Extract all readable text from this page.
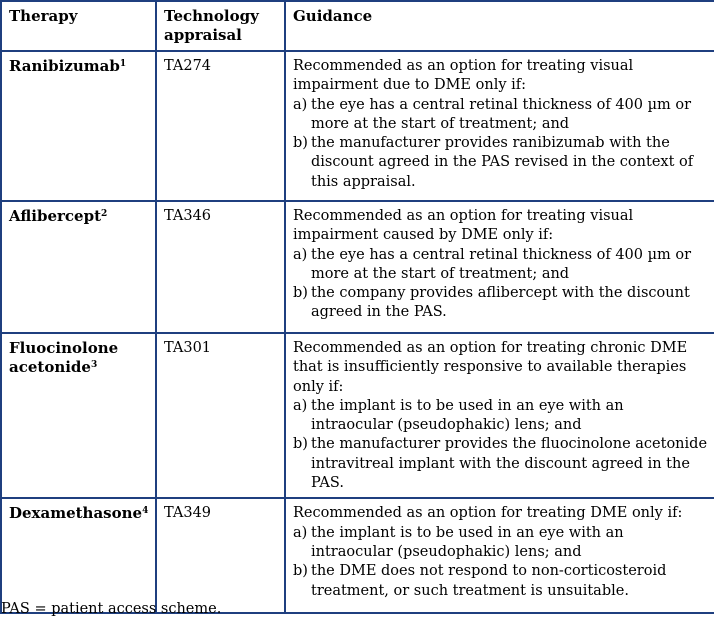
Therapy	Technology appraisal	Guidance
Ranibizumab$^1$	TA274	Recommended as an option for treating visual impairment due to DME only if:
a) the eye has a central retinal thickness of 400 µm or more at the start of treatment; and
b) the manufacturer provides ranibizumab with the discount agreed in the PAS revised in the context of this appraisal.

Aflibercept$^2$	TA346	Recommended as an option for treating visual impairment caused by DME only if:
a) the eye has a central retinal thickness of 400 µm or more at the start of treatment; and
b) the company provides aflibercept with the discount agreed in the PAS.

Fluocinolone acetonide$^3$	TA301	Recommended as an option for treating chronic DME that is insufficiently responsive to available therapies only if:
a) the implant is to be used in an eye with an intraocular (pseudophakic) lens; and
b) the manufacturer provides the fluocinolone acetonide intravitreal implant with the discount agreed in the PAS.

Dexamethasone$^4$	TA349	Recommended as an option for treating DME only if:
a) the implant is to be used in an eye with an intraocular (pseudophakic) lens; and
b) the DME does not respond to non-corticosteroid treatment, or such treatment is unsuitable.
PAS = patient access scheme.
